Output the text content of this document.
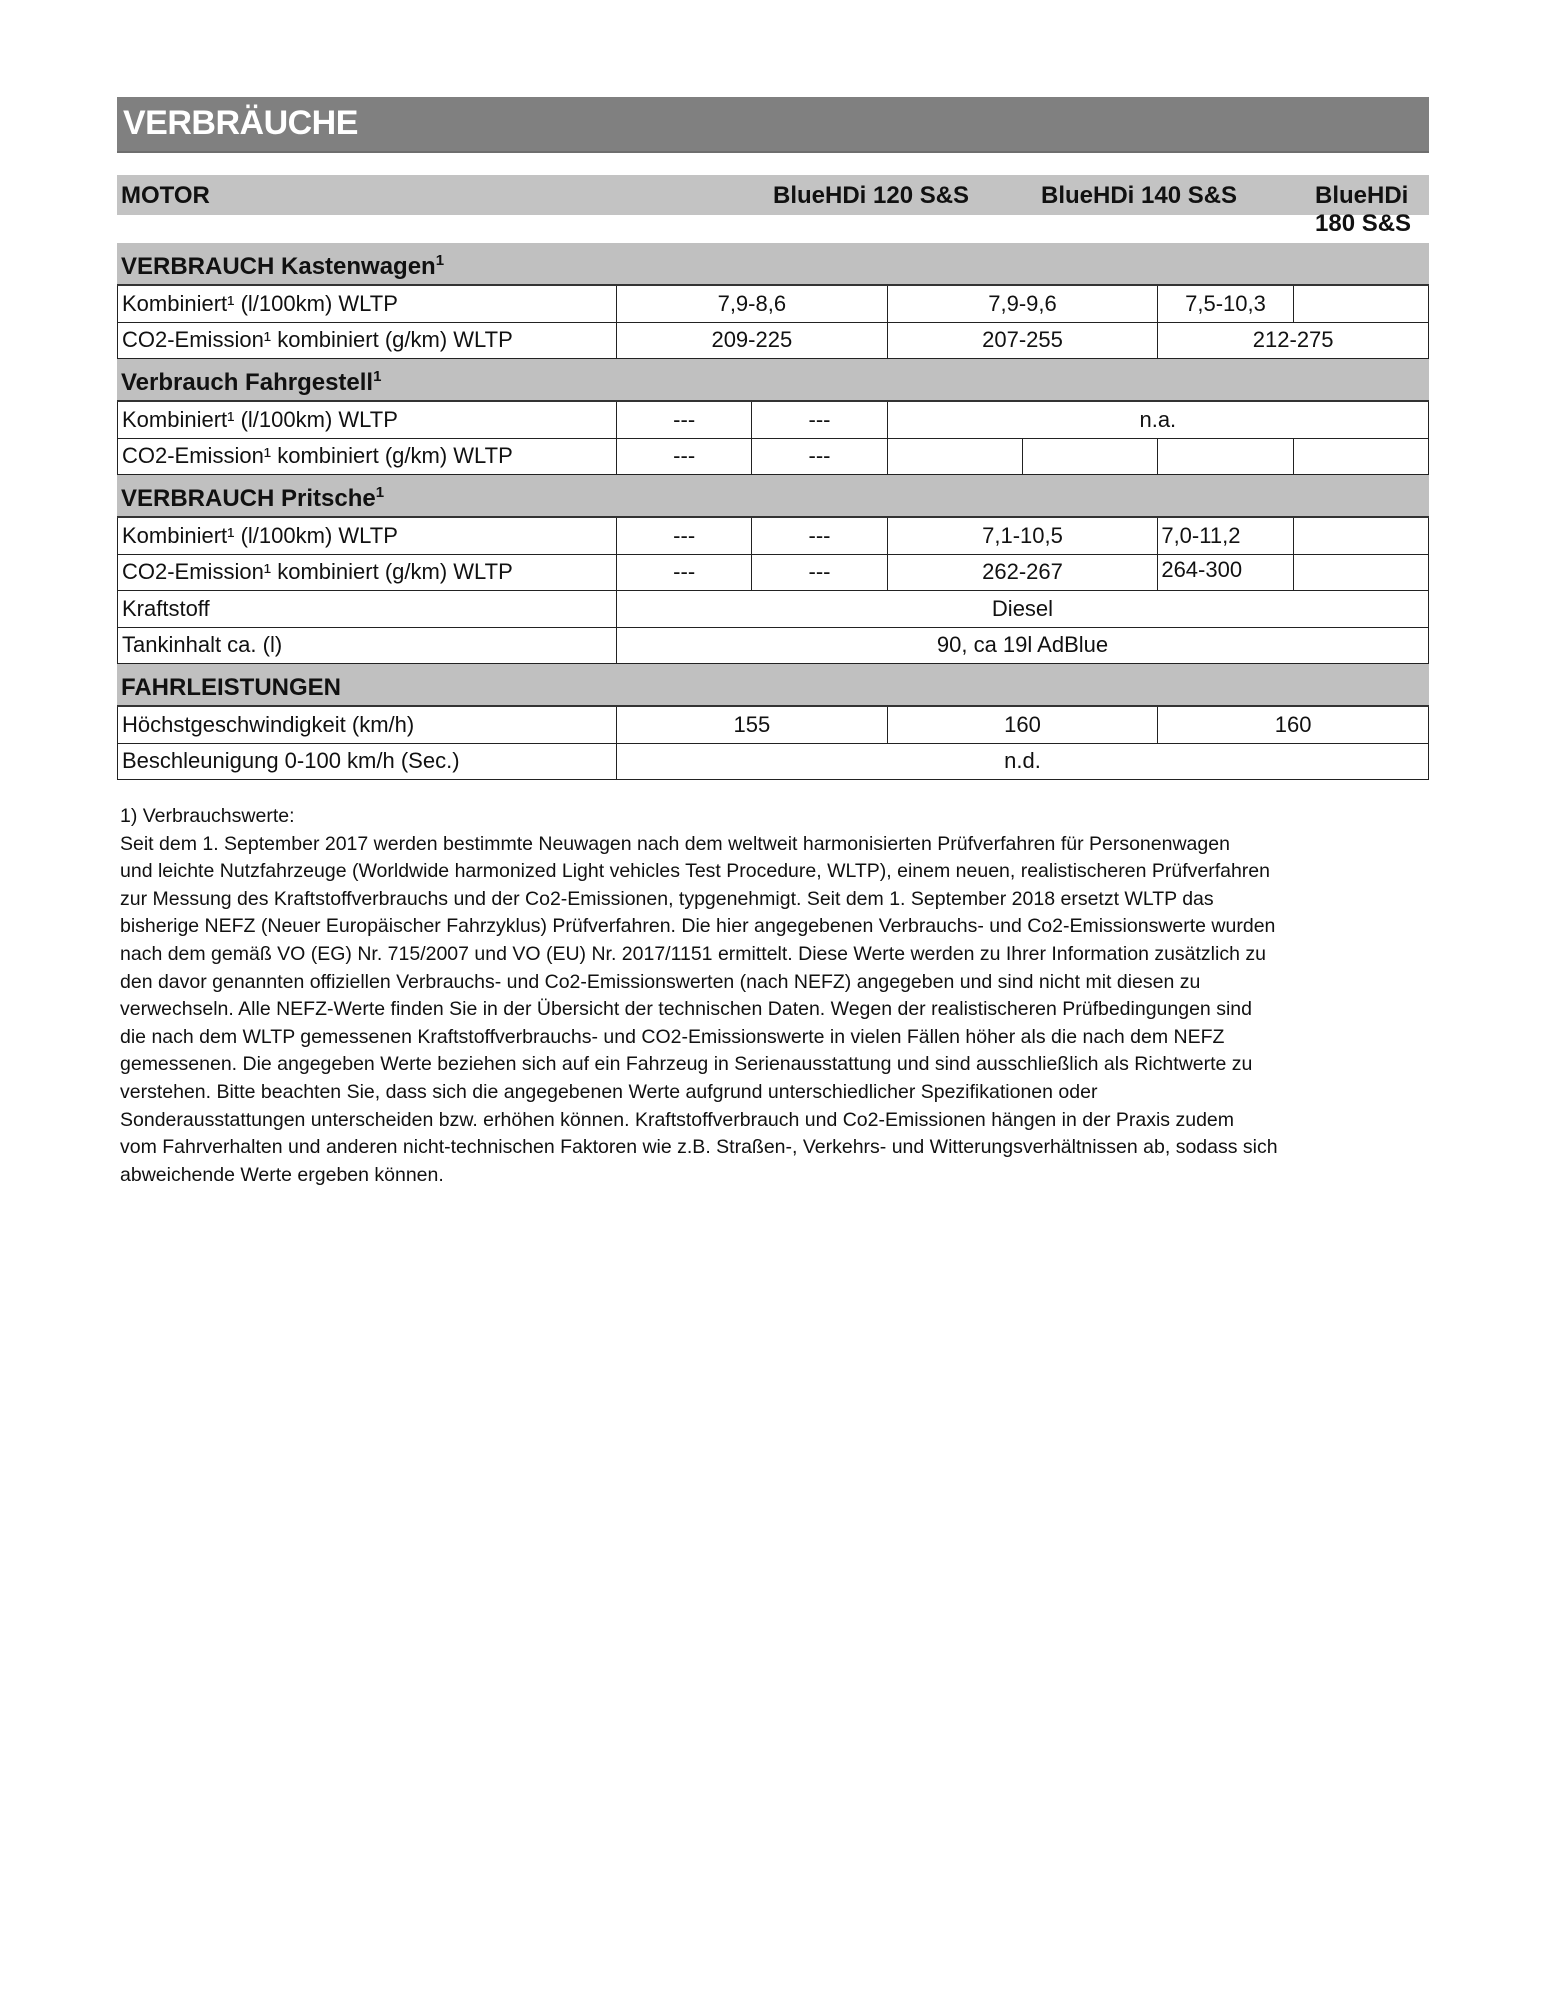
VERBRÄUCHE
MOTOR	BlueHDi 120 S&S	BlueHDi 140 S&S	BlueHDi 180 S&S
VERBRAUCH Kastenwagen$^1$
Kombiniert¹ (l/100km) WLTP	7,9-8,6	7,9-9,6	7,5-10,3
CO2-Emission¹ kombiniert (g/km) WLTP	209-225	207-255	212-275
Verbrauch Fahrgestell$^1$
Kombiniert¹ (l/100km) WLTP	---	---	n.a.
CO2-Emission¹ kombiniert (g/km) WLTP	---	---
VERBRAUCH Pritsche$^1$
Kombiniert¹ (l/100km) WLTP	---	---	7,1-10,5	7,0-11,2
CO2-Emission¹ kombiniert (g/km) WLTP	---	---	262-267	264-300
Kraftstoff	Diesel
Tankinhalt ca. (l)	90, ca 19l AdBlue
FAHRLEISTUNGEN
Höchstgeschwindigkeit (km/h)	155	160	160
Beschleunigung 0-100 km/h (Sec.)	n.d.
1) Verbrauchswerte:
Seit dem 1. September 2017 werden bestimmte Neuwagen nach dem weltweit harmonisierten Prüfverfahren für Personenwagen
und leichte Nutzfahrzeuge (Worldwide harmonized Light vehicles Test Procedure, WLTP), einem neuen, realistischeren Prüfverfahren
zur Messung des Kraftstoffverbrauchs und der Co2-Emissionen, typgenehmigt. Seit dem 1. September 2018 ersetzt WLTP das
bisherige NEFZ (Neuer Europäischer Fahrzyklus) Prüfverfahren. Die hier angegebenen Verbrauchs- und Co2-Emissionswerte wurden
nach dem gemäß VO (EG) Nr. 715/2007 und VO (EU) Nr. 2017/1151 ermittelt. Diese Werte werden zu Ihrer Information zusätzlich zu
den davor genannten offiziellen Verbrauchs- und Co2-Emissionswerten (nach NEFZ) angegeben und sind nicht mit diesen zu
verwechseln. Alle NEFZ-Werte finden Sie in der Übersicht der technischen Daten. Wegen der realistischeren Prüfbedingungen sind
die nach dem WLTP gemessenen Kraftstoffverbrauchs- und CO2-Emissionswerte in vielen Fällen höher als die nach dem NEFZ
gemessenen. Die angegeben Werte beziehen sich auf ein Fahrzeug in Serienausstattung und sind ausschließlich als Richtwerte zu
verstehen. Bitte beachten Sie, dass sich die angegebenen Werte aufgrund unterschiedlicher Spezifikationen oder
Sonderausstattungen unterscheiden bzw. erhöhen können. Kraftstoffverbrauch und Co2-Emissionen hängen in der Praxis zudem
vom Fahrverhalten und anderen nicht-technischen Faktoren wie z.B. Straßen-, Verkehrs- und Witterungsverhältnissen ab, sodass sich
abweichende Werte ergeben können.
